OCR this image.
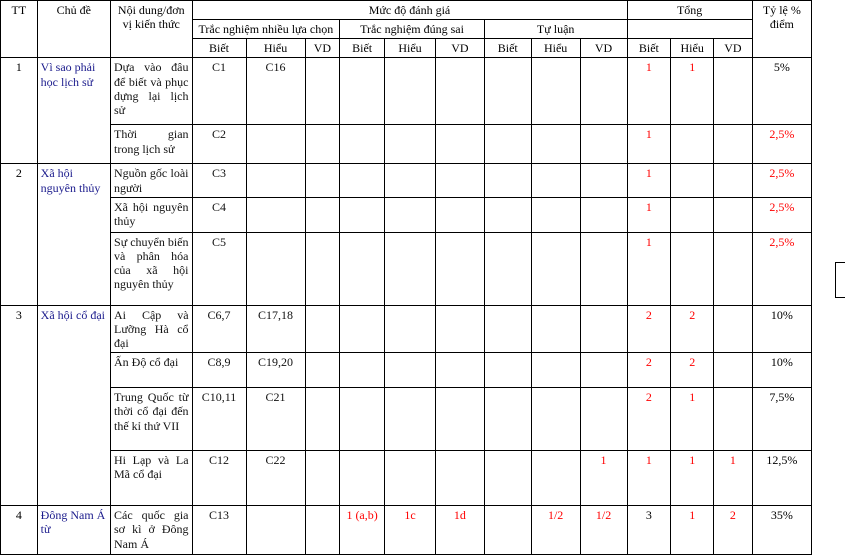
TT	Chủ đề	Nội dung/đơn vị kiến thức	Mức độ đánh giá									Tổng			Tỷ lệ % điểm
			Trắc nghiệm nhiều lựa chọn			Trắc nghiệm đúng sai			Tự luận						
			Biết	Hiểu	VD	Biết	Hiểu	VD	Biết	Hiểu	VD	Biết	Hiểu	VD	
1	Vì sao phải học lịch sử	Dựa vào đâu để biết và phục dựng lại lịch sử	C1	C16								1	1		5%
		Thời gian trong lịch sử	C2									1			2,5%
2	Xã hội nguyên thủy	Nguồn gốc loài người	C3									1			2,5%
		Xã hội nguyên thủy	C4									1			2,5%
		Sự chuyển biến và phân hóa của xã hội nguyên thủy	C5									1			2,5%
3	Xã hội cổ đại	Ai Cập và Lưỡng Hà cổ đại	C6,7	C17,18								2	2		10%
		Ấn Độ cổ đại	C8,9	C19,20								2	2		10%
		Trung Quốc từ thời cổ đại đến thế kỉ thứ VII	C10,11	C21								2	1		7,5%
		Hi Lạp và La Mã cổ đại	C12	C22							1	1	1	1	12,5%
4	Đông Nam Á từ	Các quốc gia sơ kì ở Đông Nam Á	C13			1 (a,b)	1c	1d		1/2	1/2	3	1	2	35%
